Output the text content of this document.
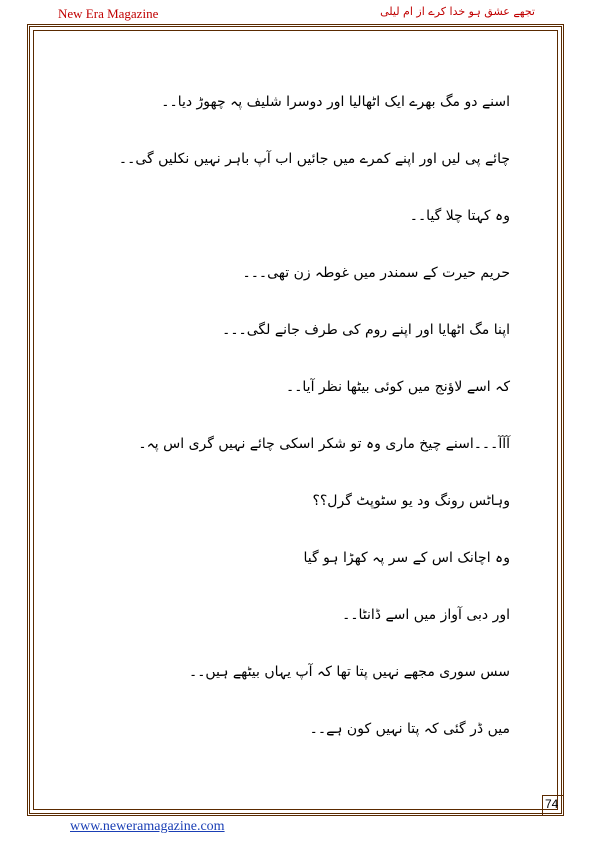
New Era Magazine	تجھے عشق ہو خدا کرے از ام لیلی
اسنے دو مگ بھرے ایک اٹھالیا اور دوسرا شلیف پہ چھوڑ دیا۔۔
چائے پی لیں اور اپنے کمرے میں جائیں اب آپ باہر نہیں نکلیں گی۔۔
وہ کہتا چلا گیا۔۔
حریم حیرت کے سمندر میں غوطہ زن تھی۔۔۔
اپنا مگ اٹھایا اور اپنے روم کی طرف جانے لگی۔۔۔
کہ اسے لاؤنج میں کوئی بیٹھا نظر آیا۔۔
آآآ۔۔۔اسنے چیخ ماری وہ تو شکر اسکی چائے نہیں گری اس پہ۔
وہاٹس رونگ ود یو سٹوپٹ گرل؟؟
وہ اچانک اس کے سر پہ کھڑا ہو گیا
اور دبی آواز میں اسے ڈانٹا۔۔
سس سوری مجھے نہیں پتا تھا کہ آپ یہاں بیٹھے ہیں۔۔
میں ڈر گئی کہ پتا نہیں کون ہے۔۔
74
www.neweramagazine.com
